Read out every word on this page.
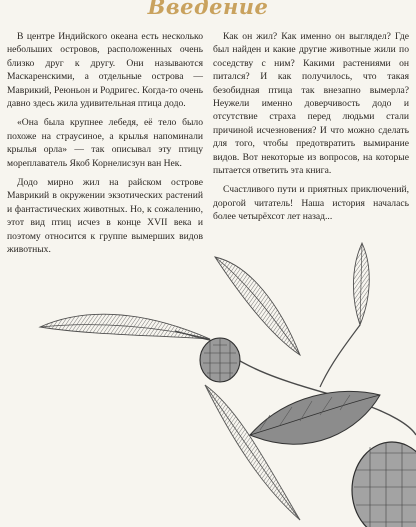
Введение

В центре Индийского океана есть несколько небольших островов, расположенных очень близко друг к другу. Они называются Маскаренскими, а отдельные острова — Маврикий, Реюньон и Родригес. Когда-то очень давно здесь жила удивительная птица додо.

«Она была крупнее лебедя, её тело было похоже на страусиное, а крылья напоминали крылья орла» — так описывал эту птицу мореплаватель Якоб Корнелисзун ван Нек.

Додо мирно жил на райском острове Маврикий в окружении экзотических растений и фантастических животных. Но, к сожалению, этот вид птиц исчез в конце XVII века и поэтому относится к группе вымерших видов животных.

Как он жил? Как именно он выглядел? Где был найден и какие другие животные жили по соседству с ним? Какими растениями он питался? И как получилось, что такая безобидная птица так внезапно вымерла? Неужели именно доверчивость додо и отсутствие страха перед людьми стали причиной исчезновения? И что можно сделать для того, чтобы предотвратить вымирание видов. Вот некоторые из вопросов, на которые пытается ответить эта книга.

Счастливого пути и приятных приключений, дорогой читатель! Наша история началась более четырёхсот лет назад...
